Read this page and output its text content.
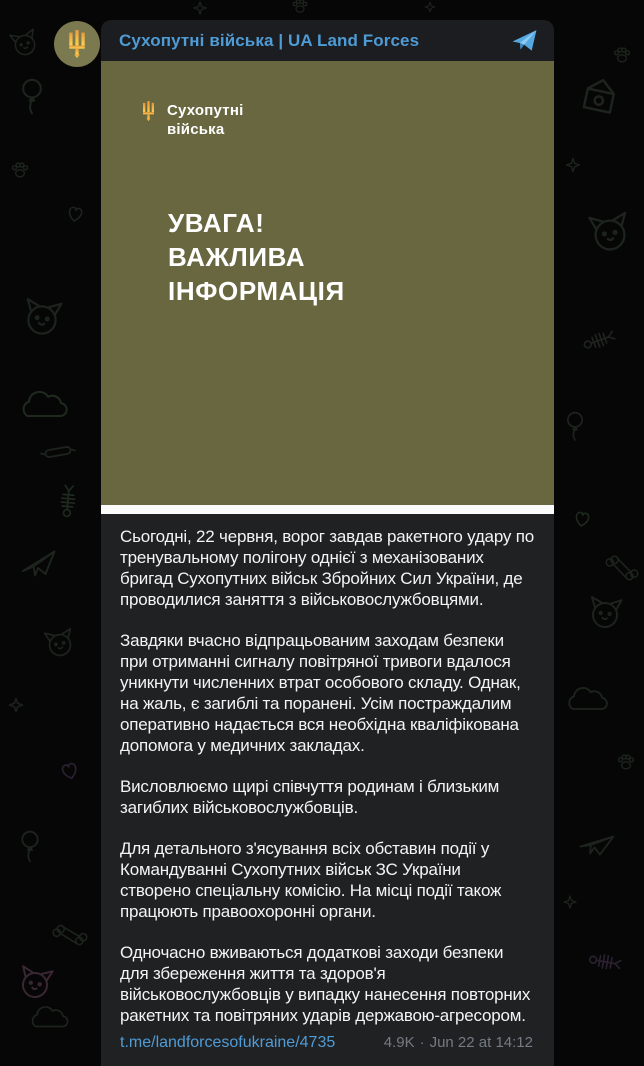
Сухопутні війська | UA Land Forces
Сухопутні
війська
УВАГА!
ВАЖЛИВА
ІНФОРМАЦІЯ

Сьогодні, 22 червня, ворог завдав ракетного удару по тренувальному полігону однієї з механізованих бригад Сухопутних військ Збройних Сил України, де проводилися заняття з військовослужбовцями.

Завдяки вчасно відпрацьованим заходам безпеки при отриманні сигналу повітряної тривоги вдалося уникнути численних втрат особового складу. Однак, на жаль, є загиблі та поранені. Усім постраждалим оперативно надається вся необхідна кваліфікована допомога у медичних закладах.

Висловлюємо щирі співчуття родинам і близьким загиблих військовослужбовців.

Для детального з'ясування всіх обставин події у Командуванні Сухопутних військ ЗС України створено спеціальну комісію. На місці події також працюють правоохоронні органи.

Одночасно вживаються додаткові заходи безпеки для збереження життя та здоров'я військовослужбовців у випадку нанесення повторних ракетних та повітряних ударів державою-агресором.

t.me/landforcesofukraine/4735	4.9K · Jun 22 at 14:12
